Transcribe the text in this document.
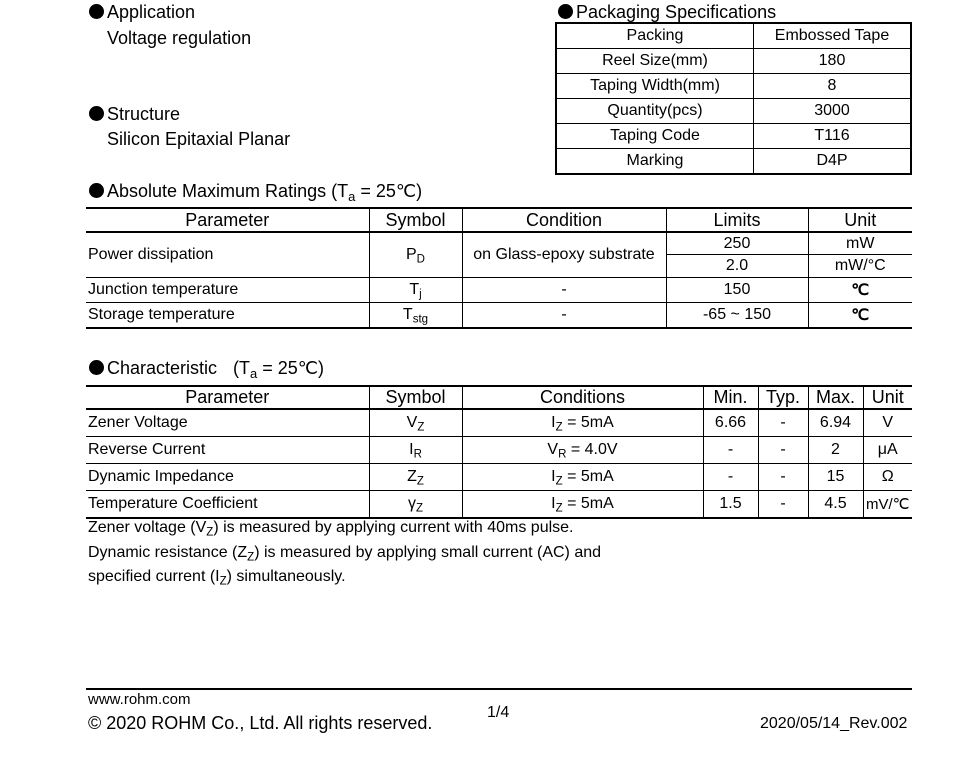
Application
Voltage regulation
Structure
Silicon Epitaxial Planar
Packaging Specifications
Packing	Embossed Tape
Reel Size(mm)	180
Taping Width(mm)	8
Quantity(pcs)	3000
Taping Code	T116
Marking	D4P
Absolute Maximum Ratings ($T_a$ = 25℃)
Parameter	Symbol	Condition	Limits	Unit
Power dissipation	$P_D$	on Glass-epoxy substrate	250	mW
			2.0	mW/°C
Junction temperature	$T_j$	-	150	℃
Storage temperature	$T_{stg}$	-	-65 ~ 150	℃
Characteristic ($T_a$ = 25℃)
Parameter	Symbol	Conditions	Min.	Typ.	Max.	Unit
Zener Voltage	$V_Z$	$I_Z = 5mA$	6.66	-	6.94	V
Reverse Current	$I_R$	$V_R = 4.0V$	-	-	2	μA
Dynamic Impedance	$Z_Z$	$I_Z = 5mA$	-	-	15	Ω
Temperature Coefficient	$\gamma_Z$	$I_Z = 5mA$	1.5	-	4.5	mV/℃
Zener voltage $(V_Z)$ is measured by applying current with 40ms pulse.
Dynamic resistance $(Z_Z)$ is measured by applying small current (AC) and
specified current $(I_Z)$ simultaneously.
www.rohm.com
© 2020 ROHM Co., Ltd. All rights reserved.
1/4
2020/05/14_Rev.002
